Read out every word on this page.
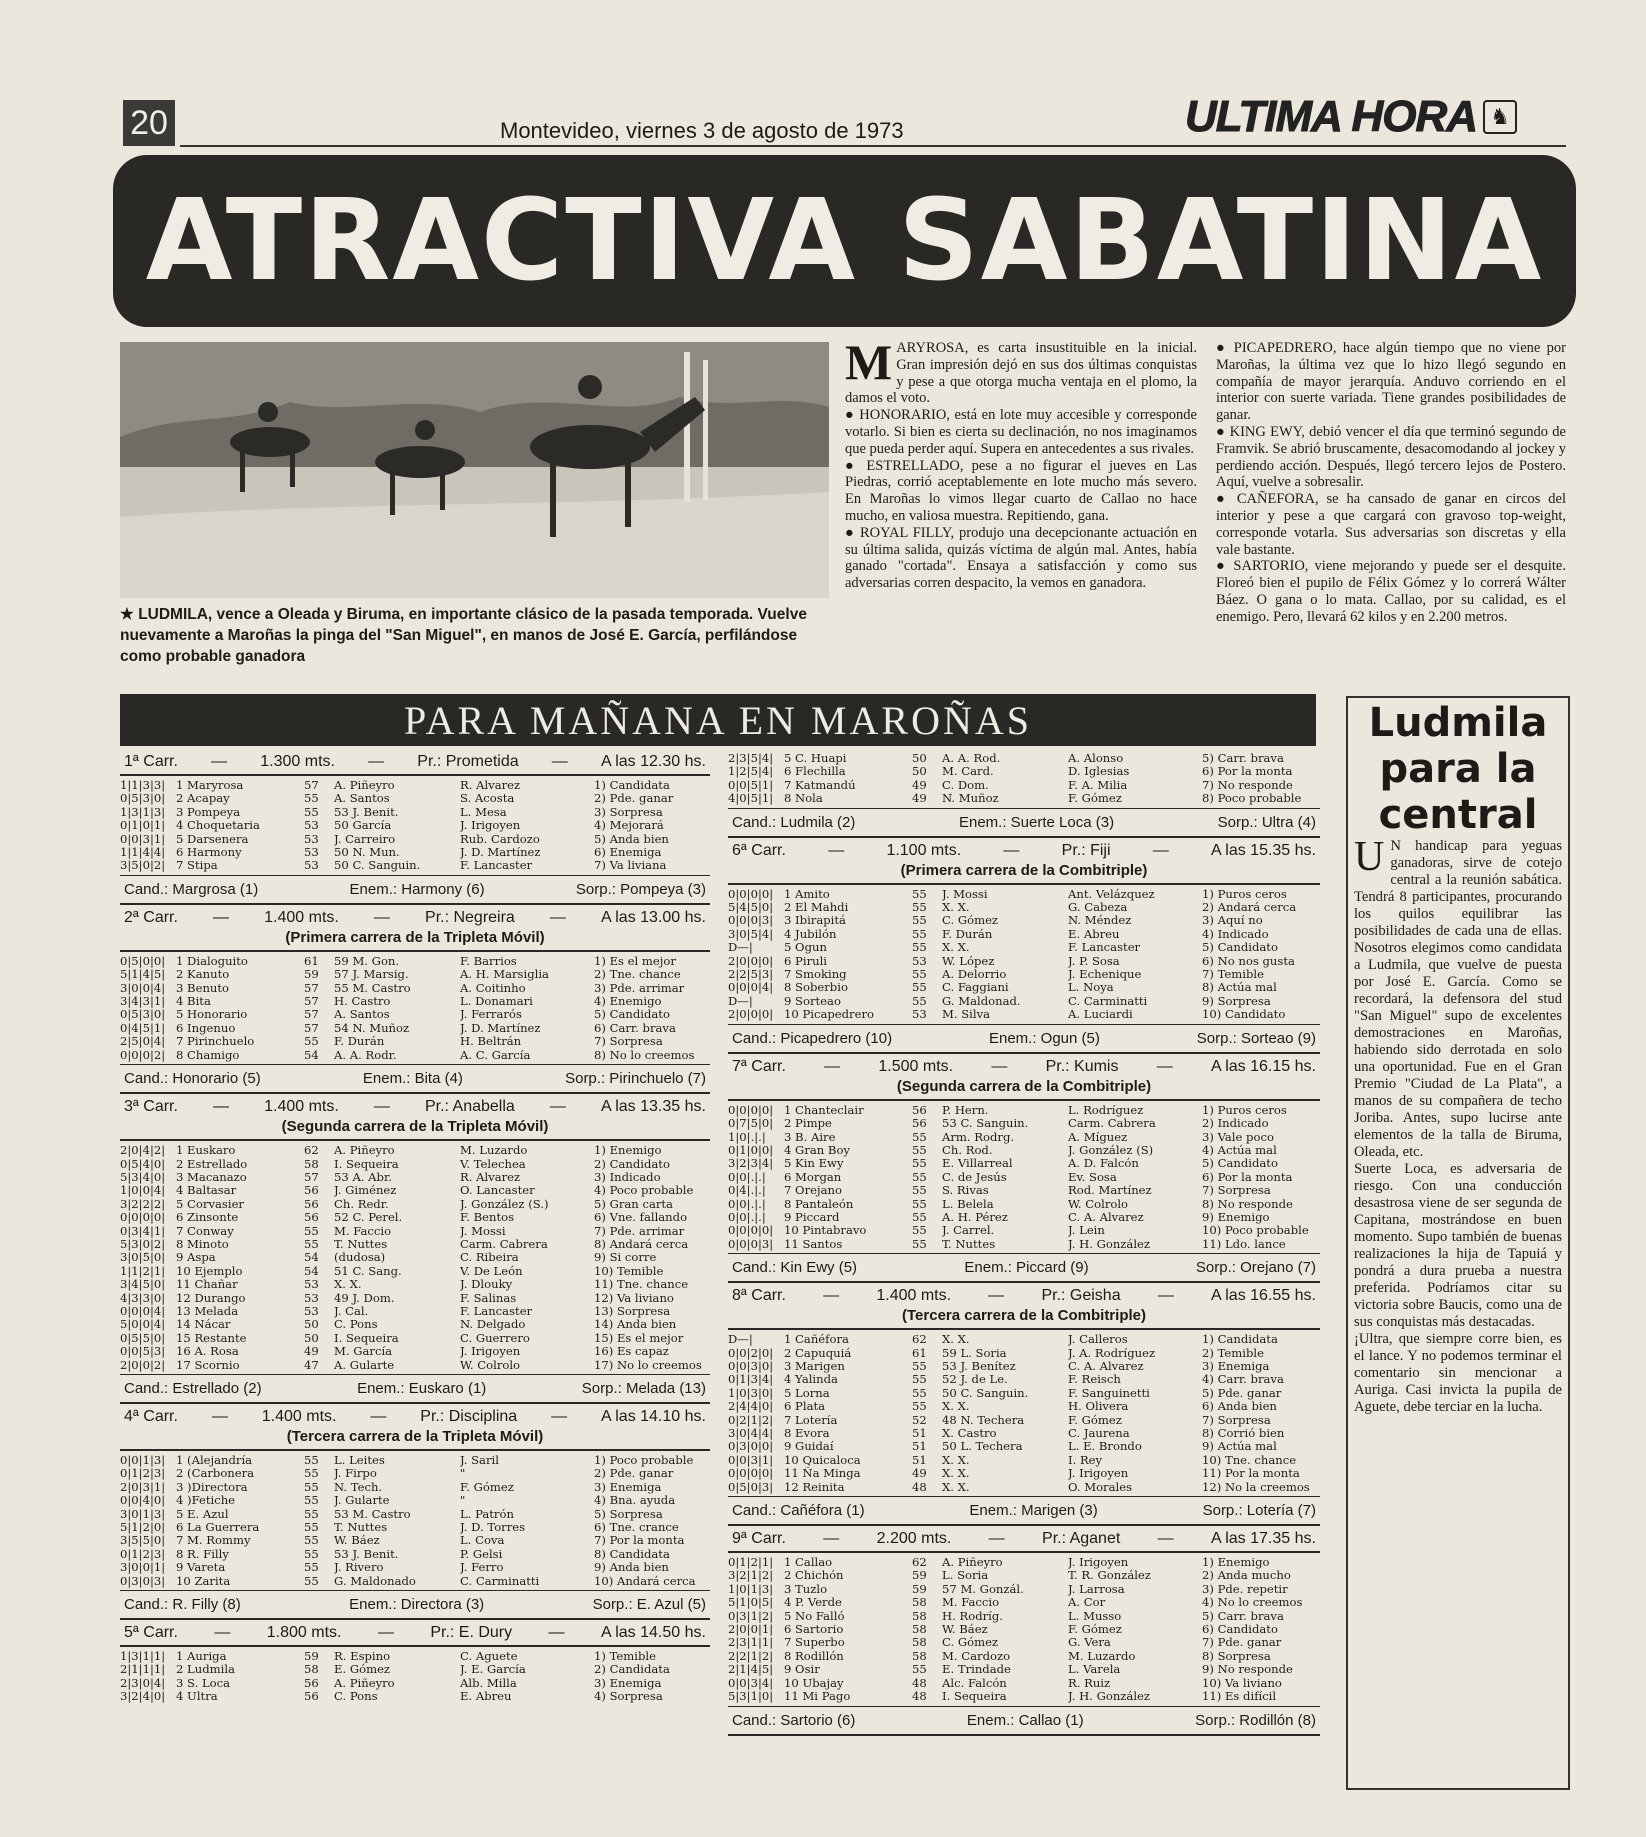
20	Montevideo, viernes 3 de agosto de 1973	ULTIMA HORA ♞
ATRACTIVA SABATINA
★ LUDMILA, vence a Oleada y Biruma, en importante clásico de la pasada temporada. Vuelve nuevamente a Maroñas la pinga del "San Miguel", en manos de José E. García, perfilándose como probable ganadora
M ARYROSA, es carta insustituible en la inicial. Gran impresión dejó en sus dos últimas conquistas y pese a que otorga mucha ventaja en el plomo, la damos el voto.

● HONORARIO, está en lote muy accesible y corresponde votarlo. Si bien es cierta su declinación, no nos imaginamos que pueda perder aquí. Supera en antecedentes a sus rivales.

● ESTRELLADO, pese a no figurar el jueves en Las Piedras, corrió aceptablemente en lote mucho más severo. En Maroñas lo vimos llegar cuarto de Callao no hace mucho, en valiosa muestra. Repitiendo, gana.

● ROYAL FILLY, produjo una decepcionante actuación en su última salida, quizás víctima de algún mal. Antes, había ganado "cortada". Ensaya a satisfacción y como sus adversarias corren despacito, la vemos en ganadora.

● PICAPEDRERO, hace algún tiempo que no viene por Maroñas, la última vez que lo hizo llegó segundo en compañía de mayor jerarquía. Anduvo corriendo en el interior con suerte variada. Tiene grandes posibilidades de ganar.

● KING EWY, debió vencer el día que terminó segundo de Framvik. Se abrió bruscamente, desacomodando al jockey y perdiendo acción. Después, llegó tercero lejos de Postero. Aquí, vuelve a sobresalir.

● CAÑEFORA, se ha cansado de ganar en circos del interior y pese a que cargará con gravoso top-weight, corresponde votarla. Sus adversarias son discretas y ella vale bastante.

● SARTORIO, viene mejorando y puede ser el desquite. Floreó bien el pupilo de Félix Gómez y lo correrá Wálter Báez. O gana o lo mata. Callao, por su calidad, es el enemigo. Pero, llevará 62 kilos y en 2.200 metros.

PARA MAÑANA EN MAROÑAS
1ª Carr. — 1.300 mts. — Pr.: Prometida — A las 12.30 hs.
1|1|3|3| 1 Maryrosa	57	A. Piñeyro	R. Alvarez	1) Candidata
0|5|3|0| 2 Acapay	55	A. Santos	S. Acosta	2) Pde. ganar
1|3|1|3| 3 Pompeya	55	53 J. Benit.	L. Mesa	3) Sorpresa
0|1|0|1| 4 Choquetaria	53	50 García	J. Irigoyen	4) Mejorará
0|0|3|1| 5 Darsenera	53	J. Carreiro	Rub. Cardozo	5) Anda bien
1|1|4|4| 6 Harmony	53	50 N. Mun.	J. D. Martínez	6) Enemiga
3|5|0|2| 7 Stipa	53	50 C. Sanguin.	F. Lancaster	7) Va liviana
Cand.: Margrosa (1)	Enem.: Harmony (6)	Sorp.: Pompeya (3)
2ª Carr. — 1.400 mts. — Pr.: Negreira — A las 13.00 hs.
(Primera carrera de la Tripleta Móvil)
0|5|0|0| 1 Dialoguito	61	59 M. Gon.	F. Barrios	1) Es el mejor
5|1|4|5| 2 Kanuto	59	57 J. Marsig.	A. H. Marsiglia	2) Tne. chance
3|0|0|4| 3 Benuto	57	55 M. Castro	A. Coitinho	3) Pde. arrimar
3|4|3|1| 4 Bita	57	H. Castro	L. Donamari	4) Enemigo
0|5|3|0| 5 Honorario	57	A. Santos	J. Ferrarós	5) Candidato
0|4|5|1| 6 Ingenuo	57	54 N. Muñoz	J. D. Martínez	6) Carr. brava
2|5|0|4| 7 Pirinchuelo	55	F. Durán	H. Beltrán	7) Sorpresa
0|0|0|2| 8 Chamigo	54	A. A. Rodr.	A. C. García	8) No lo creemos
Cand.: Honorario (5)	Enem.: Bita (4)	Sorp.: Pirinchuelo (7)
3ª Carr. — 1.400 mts. — Pr.: Anabella — A las 13.35 hs.
(Segunda carrera de la Tripleta Móvil)
2|0|4|2| 1 Euskaro	62	A. Piñeyro	M. Luzardo	1) Enemigo
0|5|4|0| 2 Estrellado	58	I. Sequeira	V. Telechea	2) Candidato
5|3|4|0| 3 Macanazo	57	53 A. Abr.	R. Alvarez	3) Indicado
1|0|0|4| 4 Baltasar	56	J. Giménez	O. Lancaster	4) Poco probable
3|2|2|2| 5 Corvasier	56	Ch. Redr.	J. González (S.)	5) Gran carta
0|0|0|0| 6 Zinsonte	56	52 C. Perel.	F. Bentos	6) Vne. fallando
0|3|4|1| 7 Conway	55	M. Faccio	J. Mossi	7) Pde. arrimar
5|3|0|2| 8 Minoto	55	T. Nuttes	Carm. Cabrera	8) Andará cerca
3|0|5|0| 9 Aspa	54	(dudosa)	C. Ribeira	9) Si corre
1|1|2|1| 10 Ejemplo	54	51 C. Sang.	V. De León	10) Temible
3|4|5|0| 11 Chañar	53	X. X.	J. Dlouky	11) Tne. chance
4|3|3|0| 12 Durango	53	49 J. Dom.	F. Salinas	12) Va liviano
0|0|0|4| 13 Melada	53	J. Cal.	F. Lancaster	13) Sorpresa
5|0|0|4| 14 Nácar	50	C. Pons	N. Delgado	14) Anda bien
0|5|5|0| 15 Restante	50	I. Sequeira	C. Guerrero	15) Es el mejor
0|0|5|3| 16 A. Rosa	49	M. García	J. Irigoyen	16) Es capaz
2|0|0|2| 17 Scornio	47	A. Gularte	W. Colrolo	17) No lo creemos
Cand.: Estrellado (2)	Enem.: Euskaro (1)	Sorp.: Melada (13)
4ª Carr. — 1.400 mts. — Pr.: Disciplina — A las 14.10 hs.
(Tercera carrera de la Tripleta Móvil)
0|0|1|3| 1 (Alejandría	55	L. Leites	J. Saril	1) Poco probable
0|1|2|3| 2 (Carbonera	55	J. Firpo	"	2) Pde. ganar
2|0|3|1| 3 )Directora	55	N. Tech.	F. Gómez	3) Enemiga
0|0|4|0| 4 )Fetiche	55	J. Gularte	"	4) Bna. ayuda
3|0|1|3| 5 E. Azul	55	53 M. Castro	L. Patrón	5) Sorpresa
5|1|2|0| 6 La Guerrera	55	T. Nuttes	J. D. Torres	6) Tne. crance
3|5|5|0| 7 M. Rommy	55	W. Báez	L. Cova	7) Por la monta
0|1|2|3| 8 R. Filly	55	53 J. Benit.	P. Gelsi	8) Candidata
3|0|0|1| 9 Vareta	55	J. Rivero	J. Ferro	9) Anda bien
0|3|0|3| 10 Zarita	55	G. Maldonado	C. Carminatti	10) Andará cerca
Cand.: R. Filly (8)	Enem.: Directora (3)	Sorp.: E. Azul (5)
5ª Carr. — 1.800 mts. — Pr.: E. Dury — A las 14.50 hs.
1|3|1|1| 1 Auriga	59	R. Espino	C. Aguete	1) Temible
2|1|1|1| 2 Ludmila	58	E. Gómez	J. E. García	2) Candidata
2|3|0|4| 3 S. Loca	56	A. Piñeyro	Alb. Milla	3) Enemiga
3|2|4|0| 4 Ultra	56	C. Pons	E. Abreu	4) Sorpresa
2|3|5|4| 5 C. Huapi	50	A. A. Rod.	A. Alonso	5) Carr. brava
1|2|5|4| 6 Flechilla	50	M. Card.	D. Iglesias	6) Por la monta
0|0|5|1| 7 Katmandú	49	C. Dom.	F. A. Milia	7) No responde
4|0|5|1| 8 Nola	49	N. Muñoz	F. Gómez	8) Poco probable
Cand.: Ludmila (2)	Enem.: Suerte Loca (3)	Sorp.: Ultra (4)
6ª Carr.	—	1.100 mts.	—	Pr.: Fiji	—	A las 15.35 hs.
(Primera carrera de la Combitriple)
0|0|0|0| 1 Amito	55	J. Mossi	Ant. Velázquez	1) Puros ceros
5|4|5|0| 2 El Mahdi	55	X. X.	G. Cabeza	2) Andará cerca
0|0|0|3| 3 Ibirapitá	55	C. Gómez	N. Méndez	3) Aquí no
3|0|5|4| 4 Jubilón	55	F. Durán	E. Abreu	4) Indicado
D—|	5 Ogun	55	X. X.	F. Lancaster	5) Candidato
2|0|0|0| 6 Piruli	53	W. López	J. P. Sosa	6) No nos gusta
2|2|5|3| 7 Smoking	55	A. Delorrio	J. Echenique	7) Temible
0|0|0|4| 8 Soberbio	55	C. Faggiani	L. Noya	8) Actúa mal
D—|	9 Sorteao	55	G. Maldonad.	C. Carminatti	9) Sorpresa
2|0|0|0| 10 Picapedrero	53	M. Silva	A. Luciardi	10) Candidato
Cand.: Picapedrero (10)	Enem.: Ogun (5)	Sorp.: Sorteao (9)
7ª Carr. — 1.500 mts. — Pr.: Kumis — A las 16.15 hs.
(Segunda carrera de la Combitriple)
0|0|0|0| 1 Chanteclair	56	P. Hern.	L. Rodríguez	1) Puros ceros
0|7|5|0| 2 Pimpe	56	53 C. Sanguin.	Carm. Cabrera	2) Indicado
1|0|.|.|	3 B. Aire	55	Arm. Rodrg.	A. Míguez	3) Vale poco
0|1|0|0| 4 Gran Boy	55	Ch. Rod.	J. González (S)	4) Actúa mal
3|2|3|4| 5 Kin Ewy	55	E. Villarreal	A. D. Falcón	5) Candidato
0|0|.|.|	6 Morgan	55	C. de Jesús	Ev. Sosa	6) Por la monta
0|4|.|.|	7 Orejano	55	S. Rivas	Rod. Martínez	7) Sorpresa
0|0|.|.|	8 Pantaleón	55	L. Belela	W. Colrolo	8) No responde
0|0|.|.|	9 Piccard	55	A. H. Pérez	C. A. Alvarez	9) Enemigo
0|0|0|0| 10 Pintabravo	55	J. Carrel.	J. Lein	10) Poco probable
0|0|0|3| 11 Santos	55	T. Nuttes	J. H. González	11) Ldo. lance
Cand.: Kin Ewy (5)	Enem.: Piccard (9)	Sorp.: Orejano (7)
8ª Carr. — 1.400 mts. — Pr.: Geisha — A las 16.55 hs.
(Tercera carrera de la Combitriple)
D—|	1 Cañéfora	62	X. X.	J. Calleros	1) Candidata
0|0|2|0| 2 Capuquiá	61	59 L. Soria	J. A. Rodríguez	2) Temible
0|0|3|0| 3 Marigen	55	53 J. Benítez	C. A. Alvarez	3) Enemiga
0|1|3|4| 4 Yalinda	55	52 J. de Le.	F. Reisch	4) Carr. brava
1|0|3|0| 5 Lorna	55	50 C. Sanguin.	F. Sanguinetti	5) Pde. ganar
2|4|4|0| 6 Plata	55	X. X.	H. Olivera	6) Anda bien
0|2|1|2| 7 Lotería	52	48 N. Techera	F. Gómez	7) Sorpresa
3|0|4|4| 8 Evora	51	X. Castro	C. Jaurena	8) Corrió bien
0|3|0|0| 9 Guidaí	51	50 L. Techera	L. E. Brondo	9) Actúa mal
0|0|3|1| 10 Quicaloca	51	X. X.	I. Rey	10) Tne. chance
0|0|0|0| 11 Ña Minga	49	X. X.	J. Irigoyen	11) Por la monta
0|5|0|3| 12 Reinita	48	X. X.	O. Morales	12) No la creemos
Cand.: Cañéfora (1)	Enem.: Marigen (3)	Sorp.: Lotería (7)
9ª Carr. — 2.200 mts. — Pr.: Aganet — A las 17.35 hs.
0|1|2|1| 1 Callao	62	A. Piñeyro	J. Irigoyen	1) Enemigo
3|2|1|2| 2 Chichón	59	L. Soria	T. R. González	2) Anda mucho
1|0|1|3| 3 Tuzlo	59	57 M. Gonzál.	J. Larrosa	3) Pde. repetir
5|1|0|5| 4 P. Verde	58	M. Faccio	A. Cor	4) No lo creemos
0|3|1|2| 5 No Falló	58	H. Rodríg.	L. Musso	5) Carr. brava
2|0|0|1| 6 Sartorio	58	W. Báez	F. Gómez	6) Candidato
2|3|1|1| 7 Superbo	58	C. Gómez	G. Vera	7) Pde. ganar
2|2|1|2| 8 Rodillón	58	M. Cardozo	M. Luzardo	8) Sorpresa
2|1|4|5| 9 Osir	55	E. Trindade	L. Varela	9) No responde
0|0|3|4| 10 Ubajay	48	Alc. Falcón	R. Ruiz	10) Va liviano
5|3|1|0| 11 Mi Pago	48	I. Sequeira	J. H. González	11) Es difícil
Cand.: Sartorio (6)	Enem.: Callao (1)	Sorp.: Rodillón (8)
Ludmila
para la
central
U N handicap para yeguas ganadoras, sirve de cotejo central a la reunión sabática. Tendrá 8 participantes, procurando los quilos equilibrar las posibilidades de cada una de ellas. Nosotros elegimos como candidata a Ludmila, que vuelve de puesta por José E. García. Como se recordará, la defensora del stud "San Miguel" supo de excelentes demostraciones en Maroñas, habiendo sido derrotada en solo una oportunidad. Fue en el Gran Premio "Ciudad de La Plata", a manos de su compañera de techo Joriba. Antes, supo lucirse ante elementos de la talla de Biruma, Oleada, etc.

Suerte Loca, es adversaria de riesgo. Con una conducción desastrosa viene de ser segunda de Capitana, mostrándose en buen momento. Supo también de buenas realizaciones la hija de Tapuiá y pondrá a dura prueba a nuestra preferida. Podríamos citar su victoria sobre Baucis, como una de sus conquistas más destacadas.

¡Ultra, que siempre corre bien, es el lance. Y no podemos terminar el comentario sin mencionar a Auriga. Casi invicta la pupila de Aguete, debe terciar en la lucha.
